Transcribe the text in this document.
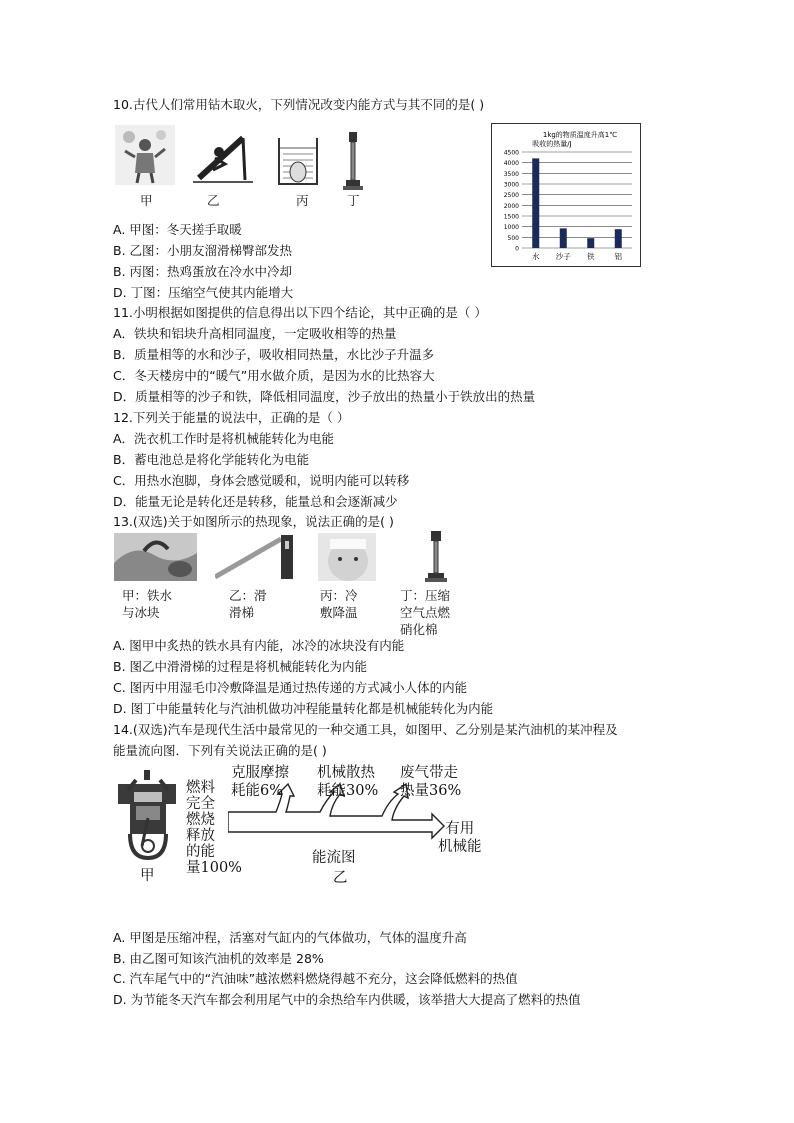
10.古代人们常用钻木取火，下列情况改变内能方式与其不同的是( )
甲	乙	丙	丁
A. 甲图：冬天搓手取暖
B. 乙图：小朋友溜滑梯臀部发热
B. 丙图：热鸡蛋放在冷水中冷却
D. 丁图：压缩空气使其内能增大
1kg的物质温度升高1℃
吸收的热量/J
4500
4000
3500
3000
2500
2000
1500
1000
500
0
水 沙子 铁	铝
11.小明根据如图提供的信息得出以下四个结论，其中正确的是（ ）
A．铁块和铝块升高相同温度，一定吸收相等的热量
B．质量相等的水和沙子，吸收相同热量，水比沙子升温多
C．冬天楼房中的“暖气”用水做介质，是因为水的比热容大
D．质量相等的沙子和铁，降低相同温度，沙子放出的热量小于铁放出的热量
12.下列关于能量的说法中，正确的是（ ）
A．洗衣机工作时是将机械能转化为电能
B．蓄电池总是将化学能转化为电能
C．用热水泡脚，身体会感觉暖和，说明内能可以转移
D．能量无论是转化还是转移，能量总和会逐渐减少
13.(双选)关于如图所示的热现象，说法正确的是( )
甲：铁水
与冰块
乙：滑
滑梯
丙：冷
敷降温
丁：压缩
空气点燃
硝化棉
A. 图甲中炙热的铁水具有内能，冰冷的冰块没有内能
B. 图乙中滑滑梯的过程是将机械能转化为内能
C. 图丙中用湿毛巾冷敷降温是通过热传递的方式减小人体的内能
D. 图丁中能量转化与汽油机做功冲程能量转化都是机械能转化为内能
14.(双选)汽车是现代生活中最常见的一种交通工具，如图甲、乙分别是某汽油机的某冲程及
能量流向图．下列有关说法正确的是( )
克服摩擦
耗能6%
机械散热
耗能30%
废气带走
热量36%
燃料
完全
燃烧
释放
的能
量100%
有用
机械能
能流图
甲	乙
A. 甲图是压缩冲程，活塞对气缸内的气体做功，气体的温度升高
B. 由乙图可知该汽油机的效率是 28%
C. 汽车尾气中的“汽油味”越浓燃料燃烧得越不充分，这会降低燃料的热值
D. 为节能冬天汽车都会利用尾气中的余热给车内供暖，该举措大大提高了燃料的热值
